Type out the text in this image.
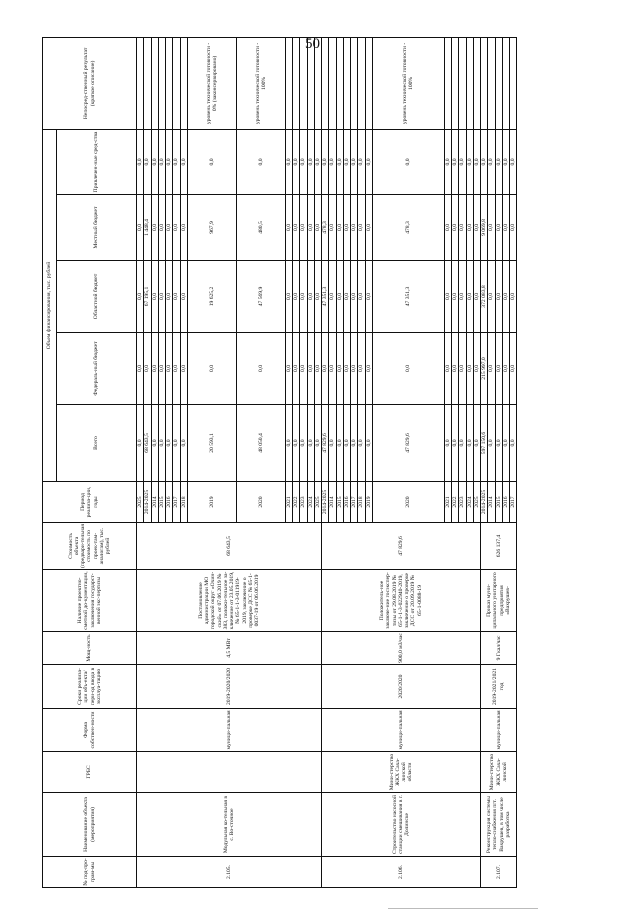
50
№ под-про-грам-мы	Наименование объекта (мероприятия)	ГРБС	Форма собствен-ности	Сроки реализа-ции объ-екта/пери-од ввода в эксплуа-тацию	Мощ-ность	Наличие проектно-сметной до-кументации, заключения государст-венной экс-пертизы	Стоимость объекта (предвари-тельная стоимость по проек-там-аналогам), тыс. рублей	Период реализа-ции, годы	Объем финансирования, тыс. рублей					Непосред-ственный результат (краткое описание)
									Всего	Федераль-ный бюджет	Областной бюджет	Местный бюджет	Привлечен-ные сред-ства	
2.105.	Модульная ко-тельная в с. Во-сточное		муници-пальная	2019-2020/2020	4,5 МВт	Постановление администрации МО городской округ «Охин-ский» от 07.06.2019 № 383, положи-тельное за-ключение от 23.05.2019, № 65-1-1-3-011919-2019, заключение о проверке ДСС № 65-1-0037-19 от 06.06.2019	68 643,5	2025	0,0	0,0	0,0	0,0	0,0	
								2014-2025	68 643,5	0,0	67 195,1	1 448,4	0,0	
								2014	0,0	0,0	0,0	0,0	0,0	
								2015	0,0	0,0	0,0	0,0	0,0	
								2016	0,0	0,0	0,0	0,0	0,0	
								2017	0,0	0,0	0,0	0,0	0,0	
								2018	0,0	0,0	0,0	0,0	0,0	
								2019	20 593,1	0,0	19 625,2	967,9	0,0	уровень технической готовности - 0% (законсервировано)
								2020	48 050,4	0,0	47 569,9	480,5	0,0	уровень технической готовности - 100%
								2021	0,0	0,0	0,0	0,0	0,0	
								2022	0,0	0,0	0,0	0,0	0,0	
								2023	0,0	0,0	0,0	0,0	0,0	
								2024	0,0	0,0	0,0	0,0	0,0	
								2025	0,0	0,0	0,0	0,0	0,0	
2.106.	Строительство насосной станции смешивания в г. Долинске	Мини-стерство ЖКХ Саха-линской области	муници-пальная	2020/2020	900,0 м3/час	Положитель-ное заключе-ние госэкспер-тизы от 29.08.2019 № 65-1-1-3-022940-2019, заключение о проверке ДСС от 20.09.2019 № 65-1-0088-19	47 829,6	2014-2025	47 829,6	0,0	47 351,3	478,3	0,0	
								2014	0,0	0,0	0,0	0,0	0,0	
								2015	0,0	0,0	0,0	0,0	0,0	
								2016	0,0	0,0	0,0	0,0	0,0	
								2017	0,0	0,0	0,0	0,0	0,0	
								2018	0,0	0,0	0,0	0,0	0,0	
								2019	0,0	0,0	0,0	0,0	0,0	
								2020	47 829,6	0,0	47 351,3	478,3	0,0	уровень технической готовности - 100%
								2021	0,0	0,0	0,0	0,0	0,0	
								2022	0,0	0,0	0,0	0,0	0,0	
								2023	0,0	0,0	0,0	0,0	0,0	
								2024	0,0	0,0	0,0	0,0	0,0	
								2025	0,0	0,0	0,0	0,0	0,0	
2.107.	Реконструкция системы тепло-снабжения пгт. Вахрушев, в том числе разработка	Мини-стерство ЖКХ Саха-линской	муници-пальная	2019-2021/2021 год	9 Гкал/час	Приказ муни-ципального унитарного предприятия «Вахрушев-	626 137,4	2014-2025	597 150,6	215 997,0	372 083,8	9 069,8	0,0	
								2014	0,0	0,0	0,0	0,0	0,0	
								2015	0,0	0,0	0,0	0,0	0,0	
								2016	0,0	0,0	0,0	0,0	0,0	
								2017	0,0	0,0	0,0	0,0	0,0	
